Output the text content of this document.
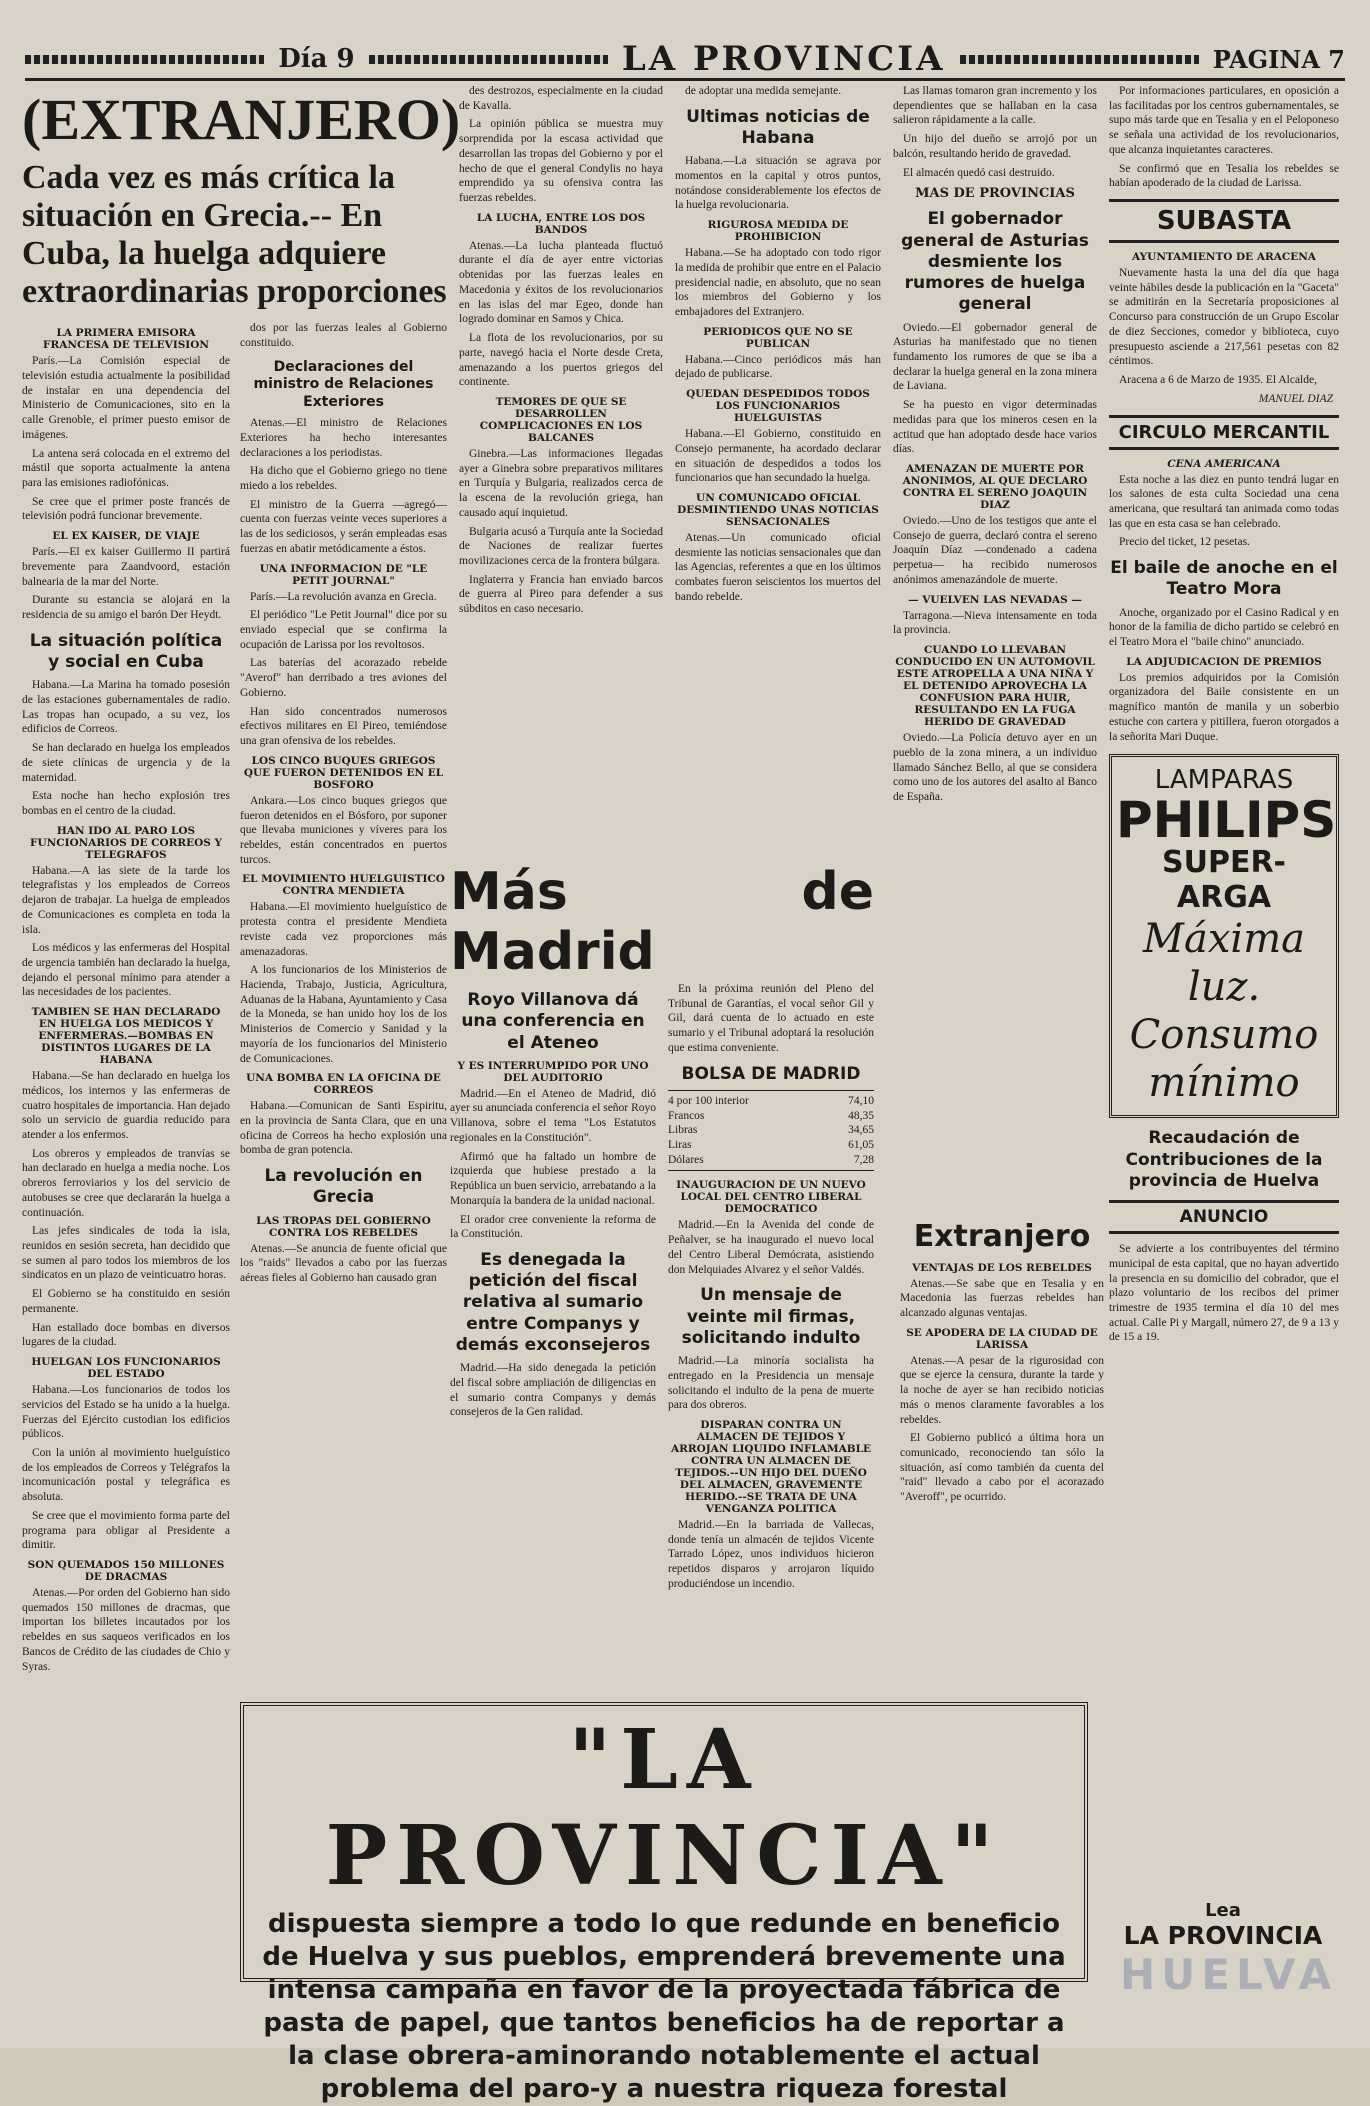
Día 9	LA PROVINCIA	PAGINA 7
(EXTRANJERO)
Cada vez es más crítica la situación en Grecia.-- En Cuba, la huelga adquiere extraordinarias proporciones
LA PRIMERA EMISORA FRANCESA DE TELEVISION

París.—La Comisión especial de televisión estudia actualmente la posibilidad de instalar en una dependencia del Ministerio de Comunicaciones, sito en la calle Grenoble, el primer puesto emisor de imágenes.

La antena será colocada en el extremo del mástil que soporta actualmente la antena para las emisiones radiofónicas.

Se cree que el primer poste francés de televisión podrá funcionar brevemente.

EL EX KAISER, DE VIAJE

París.—El ex kaiser Guillermo II partirá brevemente para Zaandvoord, estación balnearia de la mar del Norte.

Durante su estancia se alojará en la residencia de su amigo el barón Der Heydt.

La situación política y social en Cuba

Habana.—La Marina ha tomado posesión de las estaciones gubernamentales de radio. Las tropas han ocupado, a su vez, los edificios de Correos.

Se han declarado en huelga los empleados de siete clínicas de urgencia y de la maternidad.

Esta noche han hecho explosión tres bombas en el centro de la ciudad.

HAN IDO AL PARO LOS FUNCIONARIOS DE CORREOS Y TELEGRAFOS

Habana.—A las siete de la tarde los telegrafistas y los empleados de Correos dejaron de trabajar. La huelga de empleados de Comunicaciones es completa en toda la isla.

Los médicos y las enfermeras del Hospital de urgencia también han declarado la huelga, dejando el personal mínimo para atender a las necesidades de los pacientes.

TAMBIEN SE HAN DECLARADO EN HUELGA LOS MEDICOS Y ENFERMERAS.—BOMBAS EN DISTINTOS LUGARES DE LA HABANA

Habana.—Se han declarado en huelga los médicos, los internos y las enfermeras de cuatro hospitales de importancia. Han dejado solo un servicio de guardia reducido para atender a los enfermos.

Los obreros y empleados de tranvías se han declarado en huelga a media noche. Los obreros ferroviarios y los del servicio de autobuses se cree que declararán la huelga a continuación.

Las jefes sindicales de toda la isla, reunidos en sesión secreta, han decidido que se sumen al paro todos los miembros de los sindicatos en un plazo de veinticuatro horas.

El Gobierno se ha constituido en sesión permanente.

Han estallado doce bombas en diversos lugares de la ciudad.

HUELGAN LOS FUNCIONARIOS DEL ESTADO

Habana.—Los funcionarios de todos los servicios del Estado se ha unido a la huelga. Fuerzas del Ejército custodian los edificios públicos.

Con la unión al movimiento huelguístico de los empleados de Correos y Telégrafos la incomunicación postal y telegráfica es absoluta.

Se cree que el movimiento forma parte del programa para obligar al Presidente a dimitir.

SON QUEMADOS 150 MILLONES DE DRACMAS

Atenas.—Por orden del Gobierno han sido quemados 150 millones de dracmas, que importan los billetes incautados por los rebeldes en sus saqueos verificados en los Bancos de Crédito de las ciudades de Chio y Syras.

dos por las fuerzas leales al Gobierno constituido.

Declaraciones del ministro de Relaciones Exteriores

Atenas.—El ministro de Relaciones Exteriores ha hecho interesantes declaraciones a los periodistas.

Ha dicho que el Gobierno griego no tiene miedo a los rebeldes.

El ministro de la Guerra —agregó— cuenta con fuerzas veinte veces superiores a las de los sediciosos, y serán empleadas esas fuerzas en abatir metódicamente a éstos.

UNA INFORMACION DE "LE PETIT JOURNAL"

París.—La revolución avanza en Grecia.

El periódico "Le Petit Journal" dice por su enviado especial que se confirma la ocupación de Larissa por los revoltosos.

Las baterías del acorazado rebelde "Averof" han derribado a tres aviones del Gobierno.

Han sido concentrados numerosos efectivos militares en El Pireo, temiéndose una gran ofensiva de los rebeldes.

LOS CINCO BUQUES GRIEGOS QUE FUERON DETENIDOS EN EL BOSFORO

Ankara.—Los cinco buques griegos que fueron detenidos en el Bósforo, por suponer que llevaba municiones y víveres para los rebeldes, están concentrados en puertos turcos.

EL MOVIMIENTO HUELGUISTICO CONTRA MENDIETA

Habana.—El movimiento huelguístico de protesta contra el presidente Mendieta reviste cada vez proporciones más amenazadoras.

A los funcionarios de los Ministerios de Hacienda, Trabajo, Justicia, Agricultura, Aduanas de la Habana, Ayuntamiento y Casa de la Moneda, se han unido hoy los de los Ministerios de Comercio y Sanidad y la mayoría de los funcionarios del Ministerio de Comunicaciones.

UNA BOMBA EN LA OFICINA DE CORREOS

Habana.—Comunican de Santi Espiritu, en la provincia de Santa Clara, que en una oficina de Correos ha hecho explosión una bomba de gran potencia.

La revolución en Grecia
LAS TROPAS DEL GOBIERNO CONTRA LOS REBELDES

Atenas.—Se anuncia de fuente oficial que los "raids" llevados a cabo por las fuerzas aéreas fieles al Gobierno han causado gran

des destrozos, especialmente en la ciudad de Kavalla.

La opinión pública se muestra muy sorprendida por la escasa actividad que desarrollan las tropas del Gobierno y por el hecho de que el general Condylis no haya emprendido ya su ofensiva contra las fuerzas rebeldes.

LA LUCHA, ENTRE LOS DOS BANDOS

Atenas.—La lucha planteada fluctuó durante el día de ayer entre victorias obtenidas por las fuerzas leales en Macedonia y éxitos de los revolucionarios en las islas del mar Egeo, donde han logrado dominar en Samos y Chica.

La flota de los revolucionarios, por su parte, navegó hacia el Norte desde Creta, amenazando a los puertos griegos del continente.

TEMORES DE QUE SE DESARROLLEN COMPLICACIONES EN LOS BALCANES

Ginebra.—Las informaciones llegadas ayer a Ginebra sobre preparativos militares en Turquía y Bulgaria, realizados cerca de la escena de la revolución griega, han causado aquí inquietud.

Bulgaria acusó a Turquía ante la Sociedad de Naciones de realizar fuertes movilizaciones cerca de la frontera búlgara.

Inglaterra y Francia han enviado barcos de guerra al Pireo para defender a sus súbditos en caso necesario.

de adoptar una medida semejante.

Ultimas noticias de Habana

Habana.—La situación se agrava por momentos en la capital y otros puntos, notándose considerablemente los efectos de la huelga revolucionaria.

RIGUROSA MEDIDA DE PROHIBICION

Habana.—Se ha adoptado con todo rigor la medida de prohibir que entre en el Palacio presidencial nadie, en absoluto, que no sean los miembros del Gobierno y los embajadores del Extranjero.

PERIODICOS QUE NO SE PUBLICAN

Habana.—Cinco periódicos más han dejado de publicarse.

QUEDAN DESPEDIDOS TODOS LOS FUNCIONARIOS HUELGUISTAS

Habana.—El Gobierno, constituido en Consejo permanente, ha acordado declarar en situación de despedidos a todos los funcionarios que han secundado la huelga.

UN COMUNICADO OFICIAL DESMINTIENDO UNAS NOTICIAS SENSACIONALES

Atenas.—Un comunicado oficial desmiente las noticias sensacionales que dan las Agencias, referentes a que en los últimos combates fueron seiscientos los muertos del bando rebelde.

Las llamas tomaron gran incremento y los dependientes que se hallaban en la casa salieron rápidamente a la calle.

Un hijo del dueño se arrojó por un balcón, resultando herido de gravedad.

El almacén quedó casi destruido.

MAS DE PROVINCIAS
El gobernador general de Asturias desmiente los rumores de huelga general

Oviedo.—El gobernador general de Asturias ha manifestado que no tienen fundamento los rumores de que se iba a declarar la huelga general en la zona minera de Laviana.

Se ha puesto en vigor determinadas medidas para que los mineros cesen en la actitud que han adoptado desde hace varios días.

AMENAZAN DE MUERTE POR ANONIMOS, AL QUE DECLARO CONTRA EL SERENO JOAQUIN DIAZ

Oviedo.—Uno de los testigos que ante el Consejo de guerra, declaró contra el sereno Joaquín Díaz —condenado a cadena perpetua— ha recibido numerosos anónimos amenazándole de muerte.

— VUELVEN LAS NEVADAS —

Tarragona.—Nieva intensamente en toda la provincia.

CUANDO LO LLEVABAN CONDUCIDO EN UN AUTOMOVIL ESTE ATROPELLA A UNA NIÑA Y EL DETENIDO APROVECHA LA CONFUSION PARA HUIR, RESULTANDO EN LA FUGA HERIDO DE GRAVEDAD

Oviedo.—La Policía detuvo ayer en un pueblo de la zona minera, a un individuo llamado Sánchez Bello, al que se considera como uno de los autores del asalto al Banco de España.

Por informaciones particulares, en oposición a las facilitadas por los centros gubernamentales, se supo más tarde que en Tesalia y en el Peloponeso se señala una actividad de los revolucionarios, que alcanza inquietantes caracteres.

Se confirmó que en Tesalia los rebeldes se habían apoderado de la ciudad de Larissa.

SUBASTA
AYUNTAMIENTO DE ARACENA

Nuevamente hasta la una del día que haga veinte hábiles desde la publicación en la "Gaceta" se admitirán en la Secretaría proposiciones al Concurso para construcción de un Grupo Escolar de diez Secciones, comedor y biblioteca, cuyo presupuesto asciende a 217,561 pesetas con 82 céntimos.

Aracena a 6 de Marzo de 1935. El Alcalde,

MANUEL DIAZ
CIRCULO MERCANTIL
CENA AMERICANA

Esta noche a las diez en punto tendrá lugar en los salones de esta culta Sociedad una cena americana, que resultará tan animada como todas las que en esta casa se han celebrado.

Precio del ticket, 12 pesetas.

El baile de anoche en el Teatro Mora

Anoche, organizado por el Casino Radical y en honor de la familia de dicho partido se celebró en el Teatro Mora el "baile chino" anunciado.

LA ADJUDICACION DE PREMIOS

Los premios adquiridos por la Comisión organizadora del Baile consistente en un magnífico mantón de manila y un soberbio estuche con cartera y pitillera, fueron otorgados a la señorita Mari Duque.

LAMPARAS
PHILIPS
SUPER-ARGA
Máxima luz.
Consumo mínimo
Recaudación de Contribuciones de la provincia de Huelva
ANUNCIO

Se advierte a los contribuyentes del término municipal de esta capital, que no hayan advertido la presencia en su domicilio del cobrador, que el plazo voluntario de los recibos del primer trimestre de 1935 termina el día 10 del mes actual. Calle Pi y Margall, número 27, de 9 a 13 y de 15 a 19.

Más de Madrid
Royo Villanova dá una conferencia en el Ateneo
Y ES INTERRUMPIDO POR UNO DEL AUDITORIO

Madrid.—En el Ateneo de Madrid, dió ayer su anunciada conferencia el señor Royo Villanova, sobre el tema "Los Estatutos regionales en la Constitución".

Afirmó que ha faltado un hombre de izquierda que hubiese prestado a la República un buen servicio, arrebatando a la Monarquía la bandera de la unidad nacional.

El orador cree conveniente la reforma de la Constitución.

Es denegada la petición del fiscal relativa al sumario entre Companys y demás exconsejeros

Madrid.—Ha sido denegada la petición del fiscal sobre ampliación de diligencias en el sumario contra Companys y demás consejeros de la Gen ralidad.

En la próxima reunión del Pleno del Tribunal de Garantías, el vocal señor Gil y Gil, dará cuenta de lo actuado en este sumario y el Tribunal adoptará la resolución que estima conveniente.

BOLSA DE MADRID
4 por 100 interior	74,10
Francos	48,35
Libras	34,65
Liras	61,05
Dólares	7,28
INAUGURACION DE UN NUEVO LOCAL DEL CENTRO LIBERAL DEMOCRATICO

Madrid.—En la Avenida del conde de Peñalver, se ha inaugurado el nuevo local del Centro Liberal Demócrata, asistiendo don Melquiades Alvarez y el señor Valdés.

Un mensaje de veinte mil firmas, solicitando indulto

Madrid.—La minoría socialista ha entregado en la Presidencia un mensaje solicitando el indulto de la pena de muerte para dos obreros.

DISPARAN CONTRA UN ALMACEN DE TEJIDOS Y ARROJAN LIQUIDO INFLAMABLE CONTRA UN ALMACEN DE TEJIDOS.--UN HIJO DEL DUEÑO DEL ALMACEN, GRAVEMENTE HERIDO.--SE TRATA DE UNA VENGANZA POLITICA

Madrid.—En la barriada de Vallecas, donde tenía un almacén de tejidos Vicente Tarrado López, unos individuos hicieron repetidos disparos y arrojaron líquido produciéndose un incendio.

Extranjero
VENTAJAS DE LOS REBELDES

Atenas.—Se sabe que en Tesalia y en Macedonia las fuerzas rebeldes han alcanzado algunas ventajas.

SE APODERA DE LA CIUDAD DE LARISSA

Atenas.—A pesar de la rigurosidad con que se ejerce la censura, durante la tarde y la noche de ayer se han recibido noticias más o menos claramente favorables a los rebeldes.

El Gobierno publicó a última hora un comunicado, reconociendo tan sólo la situación, así como también da cuenta del "raid" llevado a cabo por el acorazado "Averoff", pe ocurrido.

"LA PROVINCIA"
dispuesta siempre a todo lo que redunde en beneficio de Huelva y sus pueblos, emprenderá brevemente una intensa campaña en favor de la proyectada fábrica de pasta de papel, que tantos beneficios ha de reportar a la clase obrera-aminorando notablemente el actual problema del paro-y a nuestra riqueza forestal
Lea
LA PROVINCIA
HUELVA
